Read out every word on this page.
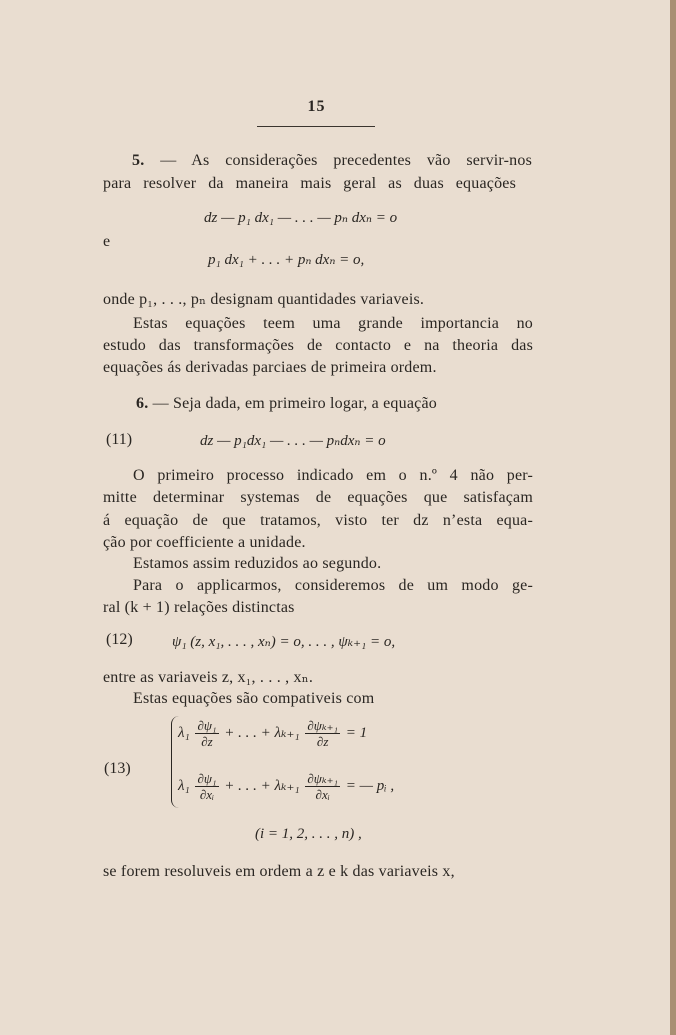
15
5. — As considerações precedentes vão servir-nos
para resolver da maneira mais geral as duas equações
dz — p₁ dx₁ — . . . — pₙ dxₙ = o
e
p₁ dx₁ + . . . + pₙ dxₙ = o,
onde p₁, . . ., pₙ designam quantidades variaveis.
Estas equações teem uma grande importancia no
estudo das transformações de contacto e na theoria das
equações ás derivadas parciaes de primeira ordem.
6. — Seja dada, em primeiro logar, a equação
(11)	dz — p₁dx₁ — . . . — pₙdxₙ = o
O primeiro processo indicado em o n.º 4 não per-
mitte determinar systemas de equações que satisfaçam
á equação de que tratamos, visto ter dz n’esta equa-
ção por coefficiente a unidade.
Estamos assim reduzidos ao segundo.
Para o applicarmos, consideremos de um modo ge-
ral (k + 1) relações distinctas
(12)	ψ₁ (z, x₁, . . . , xₙ) = o, . . . , ψₖ₊₁ = o,
entre as variaveis z, x₁, . . . , xₙ.
Estas equações são compativeis com
(13)
$\lambda_1 \frac{\text{∂ψ₁}}{\partial z}$ + . . . + $\lambda_{k+1} \frac{\text{∂ψₖ₊₁}}{\partial z} = 1$
$\lambda_1 \frac{\text{∂ψ₁}}{\text{∂xᵢ}}$ + . . . + $\lambda_{k+1} \frac{\text{∂ψₖ₊₁}}{\text{∂xᵢ}}$ = — pᵢ ,
(i = 1, 2, . . . , n) ,
se forem resoluveis em ordem a z e k das variaveis x,
